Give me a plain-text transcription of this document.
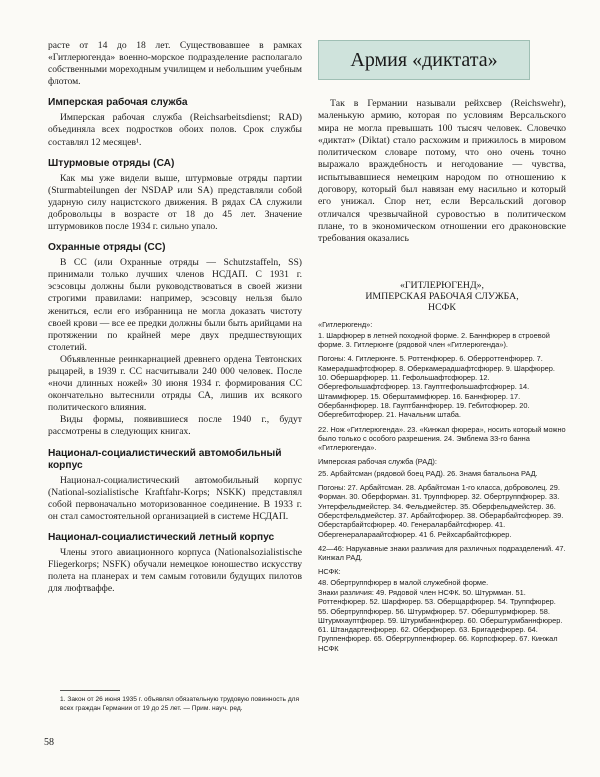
расте от 14 до 18 лет. Существовавшее в рамках «Гитлерюгенда» военно-морское подразделение располагало собственными мореходным училищем и небольшим учебным флотом.

Имперская рабочая служба

Имперская рабочая служба (Reichsarbeitsdienst; RAD) объединяла всех подростков обоих полов. Срок службы составлял 12 месяцев¹.

Штурмовые отряды (СА)

Как мы уже видели выше, штурмовые отряды партии (Sturmabteilungen der NSDAP или SA) представляли собой ударную силу нацистского движения. В рядах СА служили добровольцы в возрасте от 18 до 45 лет. Значение штурмовиков после 1934 г. сильно упало.

Охранные отряды (СС)

В СС (или Охранные отряды — Schutzstaffeln, SS) принимали только лучших членов НСДАП. С 1931 г. эсэсовцы должны были руководствоваться в своей жизни строгими правилами: например, эсэсовцу нельзя было жениться, если его избранница не могла доказать чистоту своей крови — все ее предки должны были быть арийцами на протяжении по крайней мере двух предшествующих столетий.

Объявленные реинкарнацией древнего ордена Тевтонских рыцарей, в 1939 г. СС насчитывали 240 000 человек. После «ночи длинных ножей» 30 июня 1934 г. формирования СС окончательно вытеснили отряды СА, лишив их всякого политического влияния.

Виды формы, появившиеся после 1940 г., будут рассмотрены в следующих книгах.

Национал-социалистический автомобильный корпус

Национал-социалистический автомобильный корпус (National-sozialistische Kraftfahr-Korps; NSKK) представлял собой первоначально моторизованное соединение. В 1933 г. он стал самостоятельной организацией в системе НСДАП.

Национал-социалистический летный корпус

Члены этого авиационного корпуса (Nationalsozialistische Fliegerkorps; NSFK) обучали немецкое юношество искусству полета на планерах и тем самым готовили будущих пилотов для люфтваффе.

Армия «диктата»

Так в Германии называли рейхсвер (Reichswehr), маленькую армию, которая по условиям Версальского мира не могла превышать 100 тысяч человек. Словечко «диктат» (Diktat) стало расхожим и прижилось в мировом политическом словаре потому, что оно очень точно выражало враждебность и негодование — чувства, испытывавшиеся немецким народом по отношению к договору, который был навязан ему насильно и который его унижал. Спор нет, если Версальский договор отличался чрезвычайной суровостью в политическом плане, то в экономическом отношении его драконовские требования оказались

«ГИТЛЕРЮГЕНД»,
ИМПЕРСКАЯ РАБОЧАЯ СЛУЖБА,
НСФК

«Гитлерюгенд»:

1. Шарфюрер в летней походной форме. 2. Баннфюрер в строевой форме. 3. Гитлерюнге (рядовой член «Гитлерюгенда»).

Погоны: 4. Гитлерюнге. 5. Роттенфюрер. 6. Оберроттенфюрер. 7. Камерадшафтсфюрер. 8. Оберкамерадшафтсфюрер. 9. Шарфюрер. 10. Обершарфюрер. 11. Гефольшафтсфюрер. 12. Обергефольшафтсфюрер. 13. Гауптгефольшафтсфюрер. 14. Штаммфюрер. 15. Оберштаммфюрер. 16. Баннфюрер. 17. Обербаннфюрер. 18. Гауптбаннфюрер. 19. Гебитсфюрер. 20. Обергебитсфюрер. 21. Начальник штаба.

22. Нож «Гитлерюгенда». 23. «Кинжал фюрера», носить который можно было только с особого разрешения. 24. Эмблема 33-го банна «Гитлерюгенда».

Имперская рабочая служба (РАД):

25. Арбайтсман (рядовой боец РАД). 26. Знамя батальона РАД.

Погоны: 27. Арбайтсман. 28. Арбайтсман 1-го класса, доброволец. 29. Форман. 30. Оберформан. 31. Труппфюрер. 32. Обертруппфюрер. 33. Унтерфельдмейстер. 34. Фельдмейстер. 35. Оберфельдмейстер. 36. Оберстфельдмейстер. 37. Арбайтсфюрер. 38. Оберарбайтсфюрер. 39. Оберстарбайтсфюрер. 40. Генераларбайтсфюрер. 41. Обергенералараайтсфюрер. 41 б. Рейхсарбайтсфюрер.

42—46: Нарукавные знаки различия для различных подразделений. 47. Кинжал РАД.

НСФК:

48. Обертруппфюрер в малой служебной форме.

Знаки различия: 49. Рядовой член НСФК. 50. Штурмман. 51. Роттенфюрер. 52. Шарфюрер. 53. Оберщарфюрер. 54. Труппфюрер. 55. Обертруппфюрер. 56. Штурмфюрер. 57. Оберштурмфюрер. 58. Штурмхауптфюрер. 59. Штурмбаннфюрер. 60. Оберштурмбаннфюрер. 61. Штандартенфюрер. 62. Оберфюрер. 63. Бригадефюрер. 64. Группенфюрер. 65. Обергруппенфюрер. 66. Корпсфюрер. 67. Кинжал НСФК

1. Закон от 26 июня 1935 г. объявлял обязательную трудовую повинность для всех граждан Германии от 19 до 25 лет. — Прим. науч. ред.
58
